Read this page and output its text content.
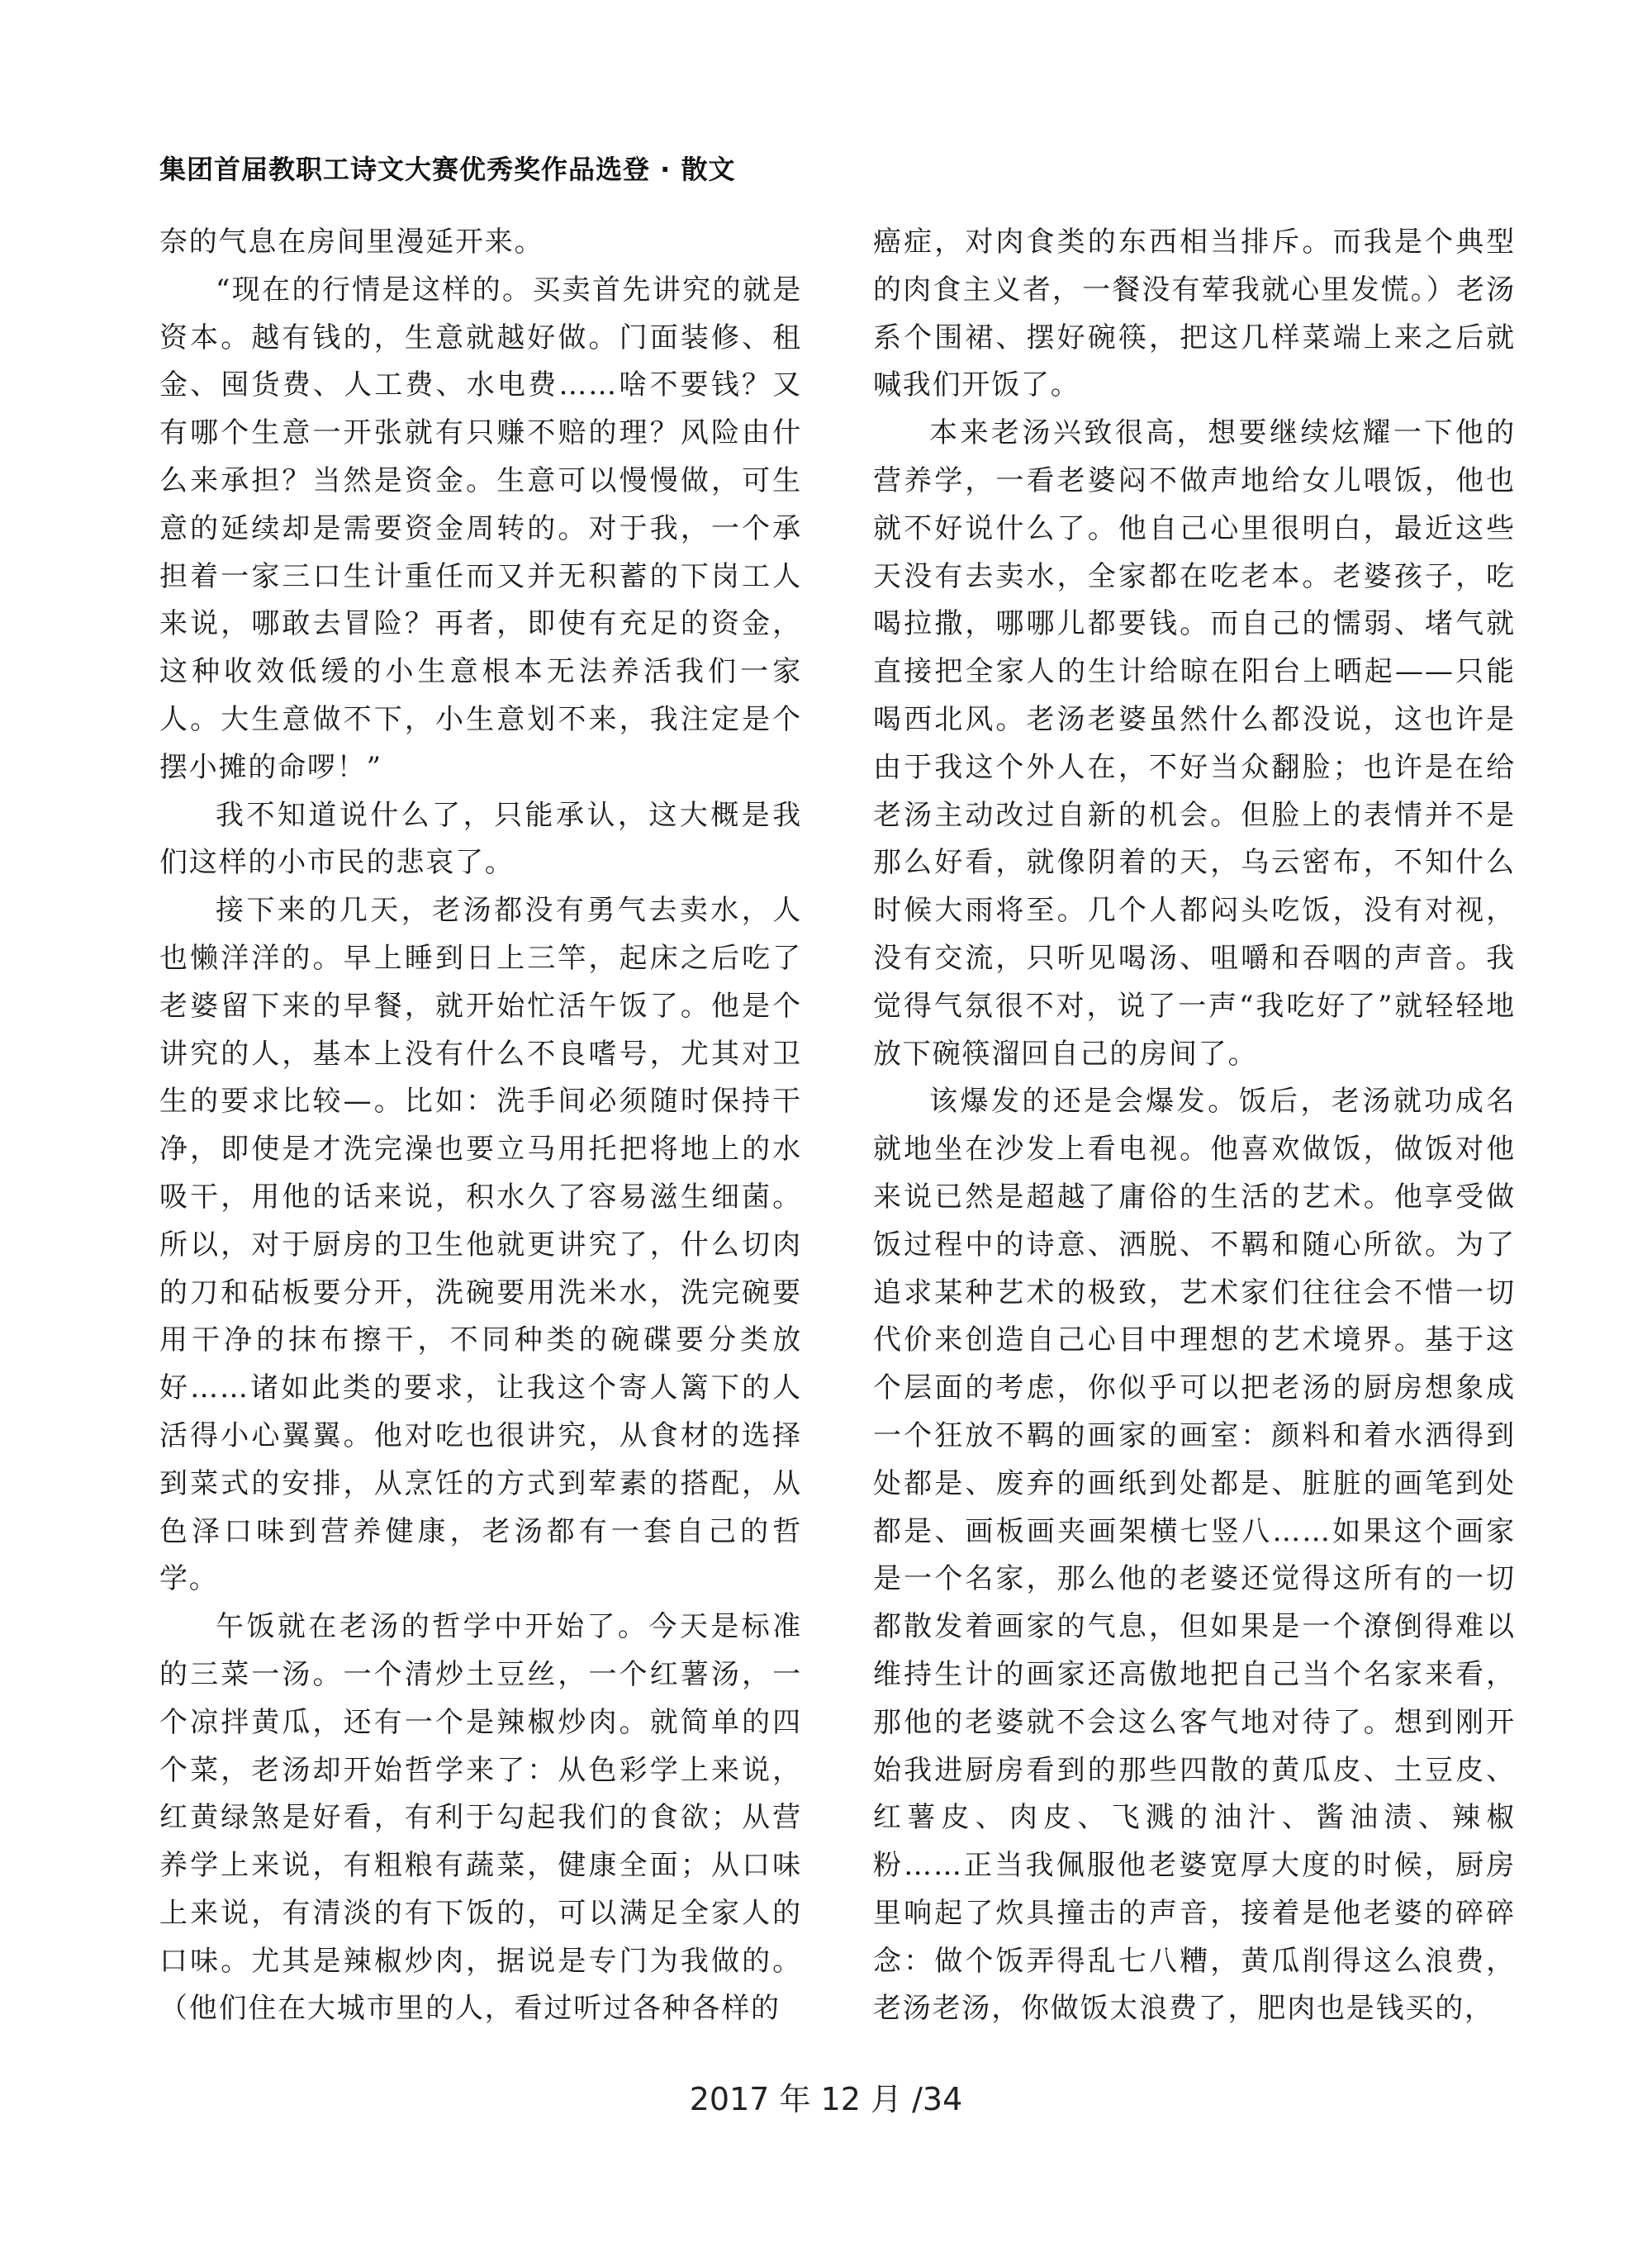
集团首届教职工诗文大赛优秀奖作品选登 · 散文

奈的气息在房间里漫延开来。

“现在的行情是这样的。买卖首先讲究的就是资本。越有钱的，生意就越好做。门面装修、租金、囤货费、人工费、水电费……啥不要钱？又有哪个生意一开张就有只赚不赔的理？风险由什么来承担？当然是资金。生意可以慢慢做，可生意的延续却是需要资金周转的。对于我，一个承担着一家三口生计重任而又并无积蓄的下岗工人来说，哪敢去冒险？再者，即使有充足的资金，这种收效低缓的小生意根本无法养活我们一家人。大生意做不下，小生意划不来，我注定是个摆小摊的命啰！”

我不知道说什么了，只能承认，这大概是我们这样的小市民的悲哀了。

接下来的几天，老汤都没有勇气去卖水，人也懒洋洋的。早上睡到日上三竿，起床之后吃了老婆留下来的早餐，就开始忙活午饭了。他是个讲究的人，基本上没有什么不良嗜号，尤其对卫生的要求比较—。比如：洗手间必须随时保持干净，即使是才洗完澡也要立马用托把将地上的水吸干，用他的话来说，积水久了容易滋生细菌。所以，对于厨房的卫生他就更讲究了，什么切肉的刀和砧板要分开，洗碗要用洗米水，洗完碗要用干净的抹布擦干，不同种类的碗碟要分类放好……诸如此类的要求，让我这个寄人篱下的人活得小心翼翼。他对吃也很讲究，从食材的选择到菜式的安排，从烹饪的方式到荤素的搭配，从色泽口味到营养健康，老汤都有一套自己的哲学。

午饭就在老汤的哲学中开始了。今天是标准的三菜一汤。一个清炒土豆丝，一个红薯汤，一个凉拌黄瓜，还有一个是辣椒炒肉。就简单的四个菜，老汤却开始哲学来了：从色彩学上来说，红黄绿煞是好看，有利于勾起我们的食欲；从营养学上来说，有粗粮有蔬菜，健康全面；从口味上来说，有清淡的有下饭的，可以满足全家人的口味。尤其是辣椒炒肉，据说是专门为我做的。（他们住在大城市里的人，看过听过各种各样的

癌症，对肉食类的东西相当排斥。而我是个典型的肉食主义者，一餐没有荤我就心里发慌。）老汤系个围裙、摆好碗筷，把这几样菜端上来之后就喊我们开饭了。

本来老汤兴致很高，想要继续炫耀一下他的营养学，一看老婆闷不做声地给女儿喂饭，他也就不好说什么了。他自己心里很明白，最近这些天没有去卖水，全家都在吃老本。老婆孩子，吃喝拉撒，哪哪儿都要钱。而自己的懦弱、堵气就直接把全家人的生计给晾在阳台上晒起——只能喝西北风。老汤老婆虽然什么都没说，这也许是由于我这个外人在，不好当众翻脸；也许是在给老汤主动改过自新的机会。但脸上的表情并不是那么好看，就像阴着的天，乌云密布，不知什么时候大雨将至。几个人都闷头吃饭，没有对视，没有交流，只听见喝汤、咀嚼和吞咽的声音。我觉得气氛很不对，说了一声“我吃好了”就轻轻地放下碗筷溜回自己的房间了。

该爆发的还是会爆发。饭后，老汤就功成名就地坐在沙发上看电视。他喜欢做饭，做饭对他来说已然是超越了庸俗的生活的艺术。他享受做饭过程中的诗意、洒脱、不羁和随心所欲。为了追求某种艺术的极致，艺术家们往往会不惜一切代价来创造自己心目中理想的艺术境界。基于这个层面的考虑，你似乎可以把老汤的厨房想象成一个狂放不羁的画家的画室：颜料和着水洒得到处都是、废弃的画纸到处都是、脏脏的画笔到处都是、画板画夹画架横七竖八……如果这个画家是一个名家，那么他的老婆还觉得这所有的一切都散发着画家的气息，但如果是一个潦倒得难以维持生计的画家还高傲地把自己当个名家来看，那他的老婆就不会这么客气地对待了。想到刚开始我进厨房看到的那些四散的黄瓜皮、土豆皮、红薯皮、肉皮、飞溅的油汁、酱油渍、辣椒粉……正当我佩服他老婆宽厚大度的时候，厨房里响起了炊具撞击的声音，接着是他老婆的碎碎念：做个饭弄得乱七八糟，黄瓜削得这么浪费，老汤老汤，你做饭太浪费了，肥肉也是钱买的，

2017 年 12 月 /34
